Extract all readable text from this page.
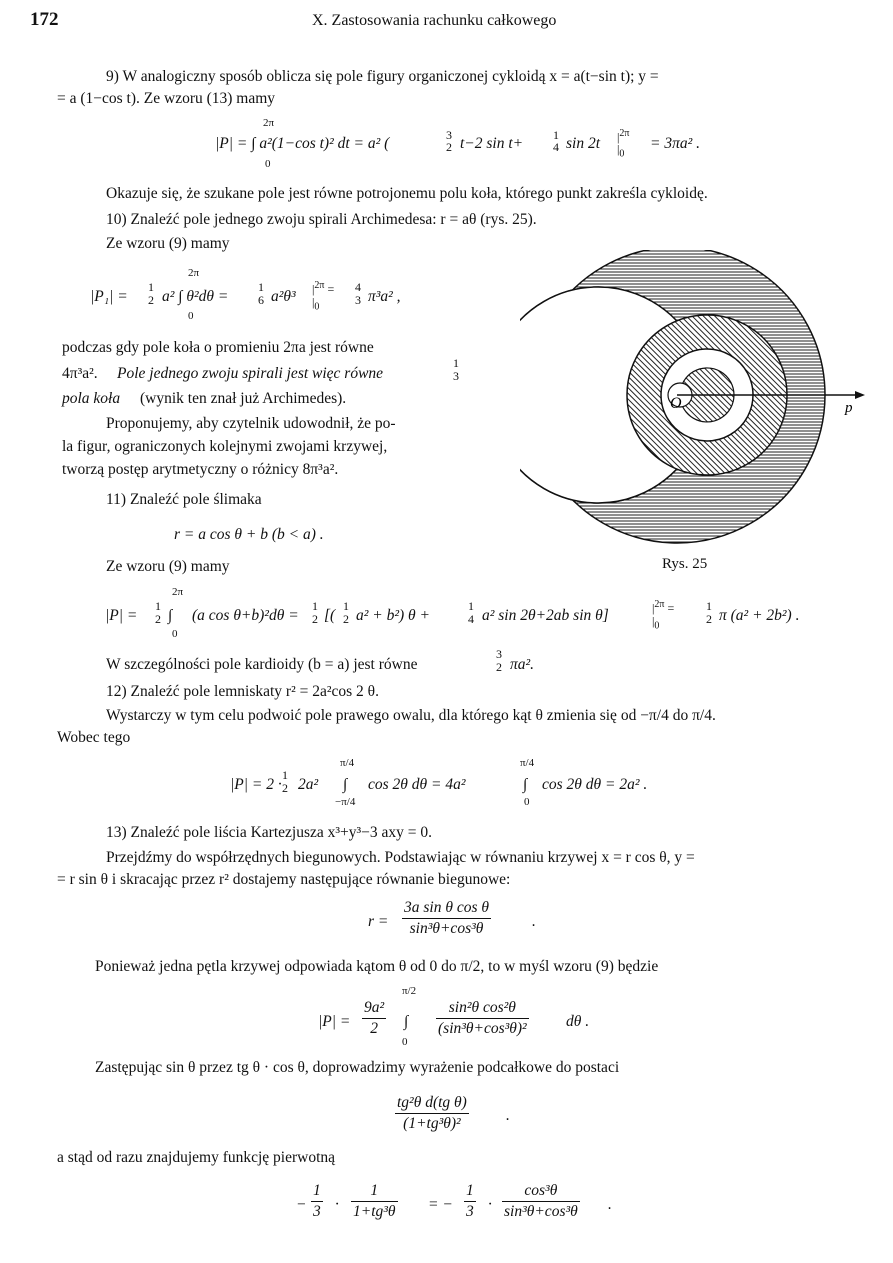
172	X. Zastosowania rachunku całkowego
9) W analogiczny sposób oblicza się pole figury organiczonej cykloidą x = a(t−sin t); y =
= a (1−cos t). Ze wzoru (13) mamy
2π
|P| = ∫ a²(1−cos t)² dt = a² (
0
3
2 t−2 sin t+ 1
4 sin 2t $|^{2\pi}$
$|_0$
= 3πa² .
Okazuje się, że szukane pole jest równe potrojonemu polu koła, którego punkt zakreśla cykloidę.
10) Znaleźć pole jednego zwoju spirali Archimedesa: r = aθ (rys. 25).
Ze wzoru (9) mamy
2π
|P₁| =
1
2 a² ∫ θ²dθ =
0
1
6 a²θ³ $|^{2\pi}$ =
$|_0$
4
3 π³a² ,
podczas gdy pole koła o promieniu 2πa jest równe
4π³a². Pole jednego zwoju spirali jest więc równe
1
3
pola koła (wynik ten znał już Archimedes).
Proponujemy, aby czytelnik udowodnił, że po-
la figur, ograniczonych kolejnymi zwojami krzywej,
tworzą postęp arytmetyczny o różnicy 8π³a².
11) Znaleźć pole ślimaka
r = a cos θ + b (b < a) .
Ze wzoru (9) mamy
O	p
Rys. 25
2π
|P| =
1
2 ∫
0
(a cos θ+b)²dθ =
1
2 [(
1
2 a² + b²) θ +
1
4 a² sin 2θ+2ab sin θ]	$|^{2\pi}$ =
$|_0$
1
2 π (a² + 2b²) .
W szczególności pole kardioidy (b = a) jest równe
3
2 πa².
12) Znaleźć pole lemniskaty r² = 2a²cos 2 θ.
Wystarczy w tym celu podwoić pole prawego owalu, dla którego kąt θ zmienia się od −π/4 do π/4.
Wobec tego
π/4	π/4
|P| = 2 ·
1
2 2a² ∫ cos 2θ dθ = 4a²	∫ cos 2θ dθ = 2a² .
−π/4	0
13) Znaleźć pole liścia Kartezjusza x³+y³−3 axy = 0.
Przejdźmy do współrzędnych biegunowych. Podstawiając w równaniu krzywej x = r cos θ, y =
= r sin θ i skracając przez r² dostajemy następujące równanie biegunowe:
$r = \frac{\text{3a sin θ cos θ}}{\text{sin³θ+cos³θ}}$	.
Ponieważ jedna pętla krzywej odpowiada kątom θ od 0 do π/2, to w myśl wzoru (9) będzie
π/2
$|P| = \frac{\text{9a²}}{2}$ ∫ $\frac{\text{sin²θ cos²θ}}{\text{(sin³θ+cos³θ)²}}$ dθ .
0
Zastępując sin θ przez tg θ · cos θ, doprowadzimy wyrażenie podcałkowe do postaci
$\frac{\text{tg²θ d(tg θ)}}{\text{(1+tg³θ)²}}$ .
a stąd od razu znajdujemy funkcję pierwotną
− $\frac{1}{3} \cdot \frac{1}{\text{1+tg³θ}}$ = − $\frac{1}{3} \cdot \frac{\text{cos³θ}}{\text{sin³θ+cos³θ}}$ .
